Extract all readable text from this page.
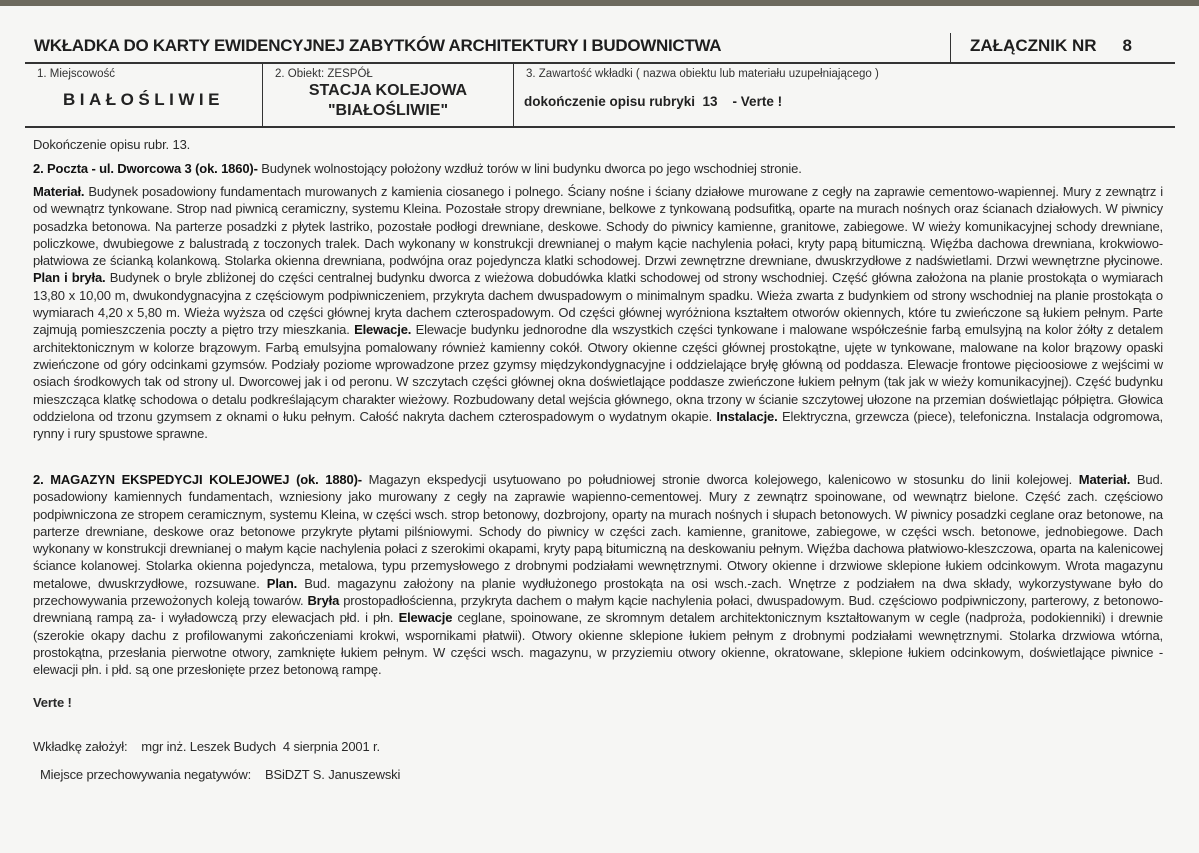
WKŁADKA DO KARTY EWIDENCYJNEJ ZABYTKÓW ARCHITEKTURY I BUDOWNICTWA	ZAŁĄCZNIK NR 8
1. Miejscowość
BIAŁOŚLIWIE
2. Obiekt: ZESPÓŁ
STACJA KOLEJOWA
"BIAŁOŚLIWIE"
3. Zawartość wkładki ( nazwa obiektu lub materiału uzupełniającego )
dokończenie opisu rubryki  13    - Verte !
Dokończenie opisu rubr. 13.
2. Poczta - ul. Dworcowa 3 (ok. 1860)- Budynek wolnostojący położony wzdłuż torów w lini budynku dworca po jego wschodniej stronie.
Materiał. Budynek posadowiony fundamentach murowanych z kamienia ciosanego i polnego. Ściany nośne i ściany działowe murowane z cegły na zaprawie cementowo-wapiennej. Mury z zewnątrz i od wewnątrz tynkowane. Strop nad piwnicą ceramiczny, systemu Kleina. Pozostałe stropy drewniane, belkowe z tynkowaną podsufitką, oparte na murach nośnych oraz ścianach działowych. W piwnicy posadzka betonowa. Na parterze posadzki z płytek lastriko, pozostałe podłogi drewniane, deskowe. Schody do piwnicy kamienne, granitowe, zabiegowe. W wieży komunikacyjnej schody drewniane, policzkowe, dwubiegowe z balustradą z toczonych tralek. Dach wykonany w konstrukcji drewnianej o małym kącie nachylenia połaci, kryty papą bitumiczną. Więźba dachowa drewniana, krokwiowo-płatwiowa ze ścianką kolankową. Stolarka okienna drewniana, podwójna oraz pojedyncza klatki schodowej. Drzwi zewnętrzne drewniane, dwuskrzydłowe z nadświetlami. Drzwi wewnętrzne płycinowe. Plan i bryła. Budynek o bryle zbliżonej do części centralnej budynku dworca z wieżowa dobudówka klatki schodowej od strony wschodniej. Część główna założona na planie prostokąta o wymiarach 13,80 x 10,00 m, dwukondygnacyjna z częściowym podpiwniczeniem, przykryta dachem dwuspadowym o minimalnym spadku. Wieża zwarta z budynkiem od strony wschodniej na planie prostokąta o wymiarach 4,20 x 5,80 m. Wieża wyższa od części głównej kryta dachem czterospadowym. Od części głównej wyróżniona kształtem otworów okiennych, które tu zwieńczone są łukiem pełnym. Parte zajmują pomieszczenia poczty a piętro trzy mieszkania. Elewacje. Elewacje budynku jednorodne dla wszystkich części tynkowane i malowane współcześnie farbą emulsyjną na kolor żółty z detalem architektonicznym w kolorze brązowym. Farbą emulsyjna pomalowany również kamienny cokół. Otwory okienne części głównej prostokątne, ujęte w tynkowane, malowane na kolor brązowy opaski zwieńczone od góry odcinkami gzymsów. Podziały poziome wprowadzone przez gzymsy międzykondygnacyjne i oddzielające bryłę główną od poddasza. Elewacje frontowe pięcioosiowe z wejścimi w osiach środkowych tak od strony ul. Dworcowej jak i od peronu. W szczytach części głównej okna doświetlające poddasze zwieńczone łukiem pełnym (tak jak w wieży komunikacyjnej). Część budynku mieszcząca klatkę schodowa o detalu podkreślającym charakter wieżowy. Rozbudowany detal wejścia głównego, okna trzony w ścianie szczytowej ułozone na przemian doświetlając półpiętra. Głowica oddzielona od trzonu gzymsem z oknami o łuku pełnym. Całość nakryta dachem czterospadowym o wydatnym okapie. Instalacje. Elektryczna, grzewcza (piece), telefoniczna. Instalacja odgromowa, rynny i rury spustowe sprawne.
2. MAGAZYN EKSPEDYCJI KOLEJOWEJ (ok. 1880)- Magazyn ekspedycji usytuowano po południowej stronie dworca kolejowego, kalenicowo w stosunku do linii kolejowej. Materiał. Bud. posadowiony kamiennych fundamentach, wzniesiony jako murowany z cegły na zaprawie wapienno-cementowej. Mury z zewnątrz spoinowane, od wewnątrz bielone. Część zach. częściowo podpiwniczona ze stropem ceramicznym, systemu Kleina, w części wsch. strop betonowy, dozbrojony, oparty na murach nośnych i słupach betonowych. W piwnicy posadzki ceglane oraz betonowe, na parterze drewniane, deskowe oraz betonowe przykryte płytami pilśniowymi. Schody do piwnicy w części zach. kamienne, granitowe, zabiegowe, w części wsch. betonowe, jednobiegowe. Dach wykonany w konstrukcji drewnianej o małym kącie nachylenia połaci z szerokimi okapami, kryty papą bitumiczną na deskowaniu pełnym. Więźba dachowa płatwiowo-kleszczowa, oparta na kalenicowej ściance kolanowej. Stolarka okienna pojedyncza, metalowa, typu przemysłowego z drobnymi podziałami wewnętrznymi. Otwory okienne i drzwiowe sklepione łukiem odcinkowym. Wrota magazynu metalowe, dwuskrzydłowe, rozsuwane. Plan. Bud. magazynu założony na planie wydłużonego prostokąta na osi wsch.-zach. Wnętrze z podziałem na dwa składy, wykorzystywane było do przechowywania przewożonych koleją towarów. Bryła prostopadłościenna, przykryta dachem o małym kącie nachylenia połaci, dwuspadowym. Bud. częściowo podpiwniczony, parterowy, z betonowo-drewnianą rampą za- i wyładowczą przy elewacjach płd. i płn. Elewacje ceglane, spoinowane, ze skromnym detalem architektonicznym kształtowanym w cegle (nadproża, podokienniki) i drewnie (szerokie okapy dachu z profilowanymi zakończeniami krokwi, wspornikami płatwii). Otwory okienne sklepione łukiem pełnym z drobnymi podziałami wewnętrznymi. Stolarka drzwiowa wtórna, prostokątna, przesłania pierwotne otwory, zamknięte łukiem pełnym. W części wsch. magazynu, w przyziemiu otwory okienne, okratowane, sklepione łukiem odcinkowym, doświetlające piwnice - elewacji płn. i płd. są one przesłonięte przez betonową rampę.
Verte !
Wkładkę założył: mgr inż. Leszek Budych  4 sierpnia 2001 r.
Miejsce przechowywania negatywów: BSiDZT S. Januszewski
